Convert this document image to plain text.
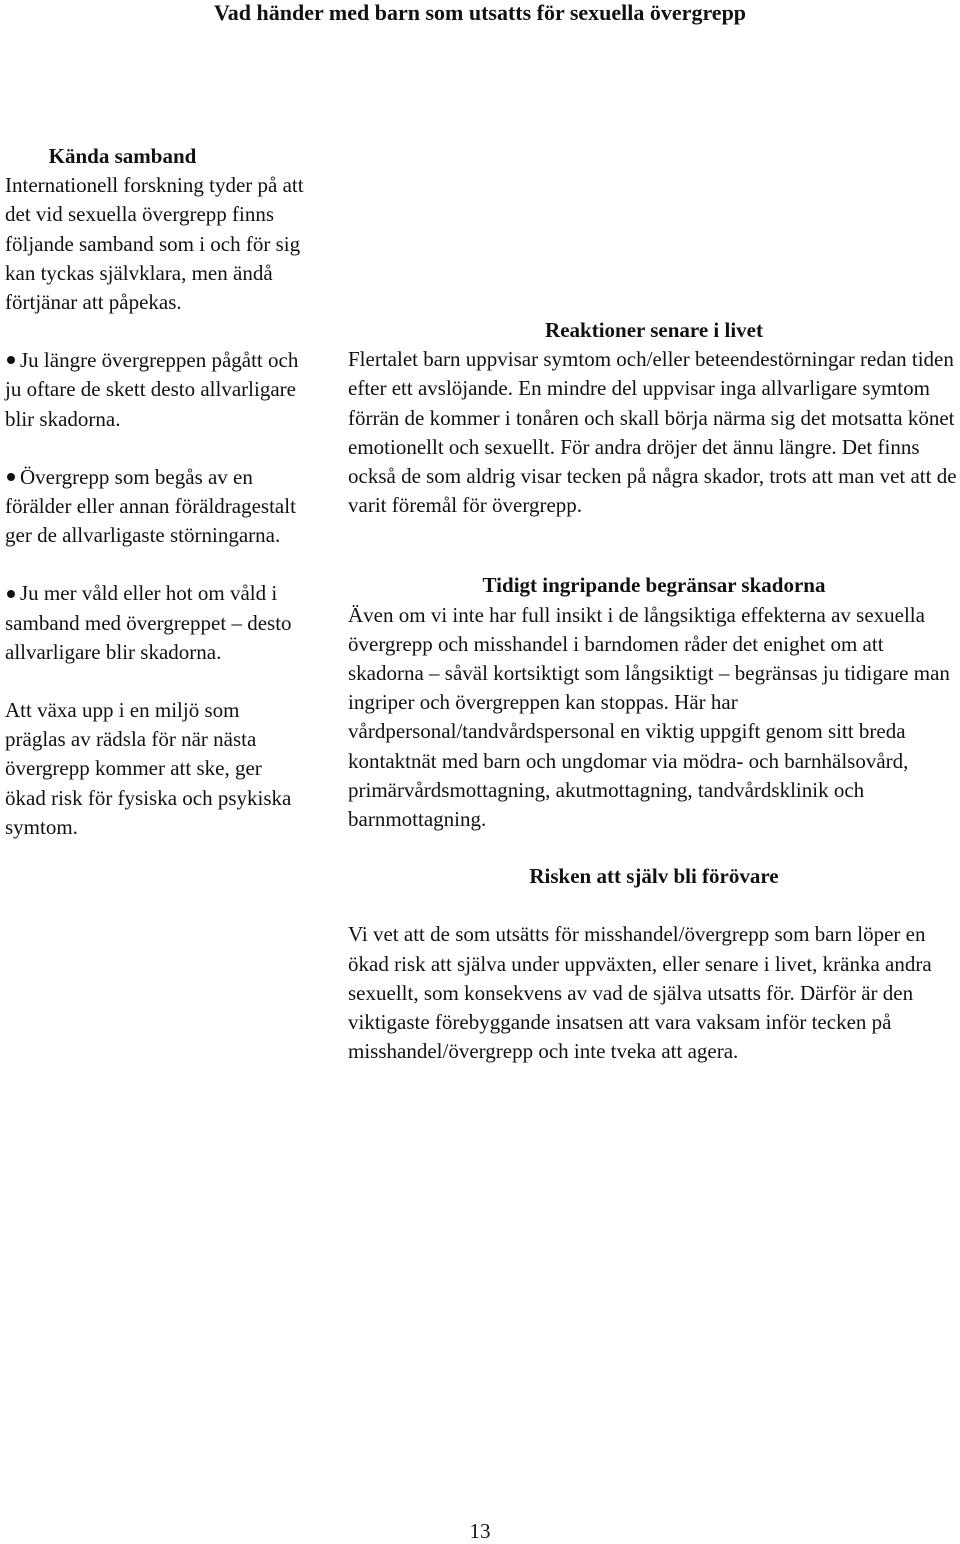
Vad händer med barn som utsatts för sexuella övergrepp
Kända samband

Internationell forskning tyder på att det vid sexuella övergrepp finns följande samband som i och för sig kan tyckas självklara, men ändå förtjänar att påpekas.

Ju längre övergreppen pågått och ju oftare de skett desto allvarligare blir skadorna.
Övergrepp som begås av en förälder eller annan föräldragestalt ger de allvarligaste störningarna.
Ju mer våld eller hot om våld i samband med övergreppet – desto allvarligare blir skadorna.

Att växa upp i en miljö som präglas av rädsla för när nästa övergrepp kommer att ske, ger ökad risk för fysiska och psykiska symtom.

Reaktioner senare i livet

Flertalet barn uppvisar symtom och/eller beteendestörningar redan tiden efter ett avslöjande. En mindre del uppvisar inga allvarligare symtom förrän de kommer i tonåren och skall börja närma sig det motsatta könet emotionellt och sexuellt. För andra dröjer det ännu längre. Det finns också de som aldrig visar tecken på några skador, trots att man vet att de varit föremål för övergrepp.

Tidigt ingripande begränsar skadorna

Även om vi inte har full insikt i de långsiktiga effekterna av sexuella övergrepp och misshandel i barndomen råder det enighet om att skadorna – såväl kortsiktigt som långsiktigt – begränsas ju tidigare man ingriper och övergreppen kan stoppas. Här har vårdpersonal/tandvårdspersonal en viktig uppgift genom sitt breda kontaktnät med barn och ungdomar via mödra- och barnhälsovård, primärvårdsmottagning, akutmottagning, tandvårdsklinik och barnmottagning.

Risken att själv bli förövare

Vi vet att de som utsätts för misshandel/övergrepp som barn löper en ökad risk att själva under uppväxten, eller senare i livet, kränka andra sexuellt, som konsekvens av vad de själva utsatts för. Därför är den viktigaste förebyggande insatsen att vara vaksam inför tecken på misshandel/övergrepp och inte tveka att agera.

13
